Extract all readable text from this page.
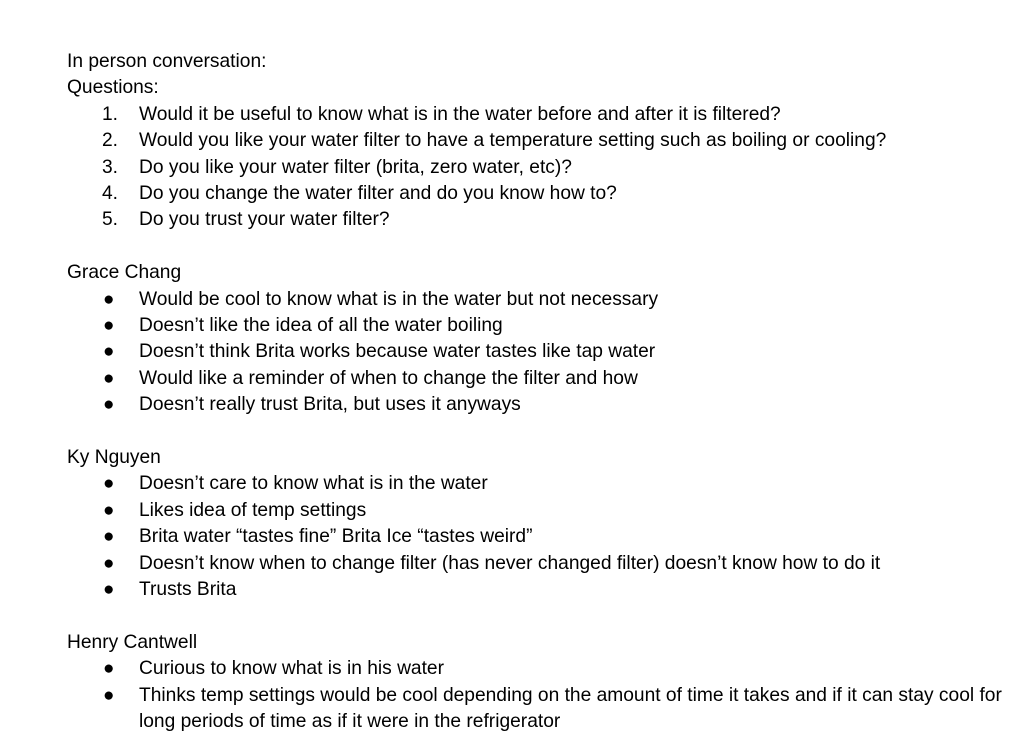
In person conversation:

Questions:

1.	Would it be useful to know what is in the water before and after it is filtered?
2.	Would you like your water filter to have a temperature setting such as boiling or cooling?
3.	Do you like your water filter (brita, zero water, etc)?
4.	Do you change the water filter and do you know how to?
5.	Do you trust your water filter?

Grace Chang

● Would be cool to know what is in the water but not necessary
● Doesn’t like the idea of all the water boiling
● Doesn’t think Brita works because water tastes like tap water
● Would like a reminder of when to change the filter and how
● Doesn’t really trust Brita, but uses it anyways

Ky Nguyen

● Doesn’t care to know what is in the water
● Likes idea of temp settings
● Brita water “tastes fine” Brita Ice “tastes weird”
● Doesn’t know when to change filter (has never changed filter) doesn’t know how to do it
● Trusts Brita

Henry Cantwell

● Curious to know what is in his water
● Thinks temp settings would be cool depending on the amount of time it takes and if it can stay cool for long periods of time as if it were in the refrigerator
